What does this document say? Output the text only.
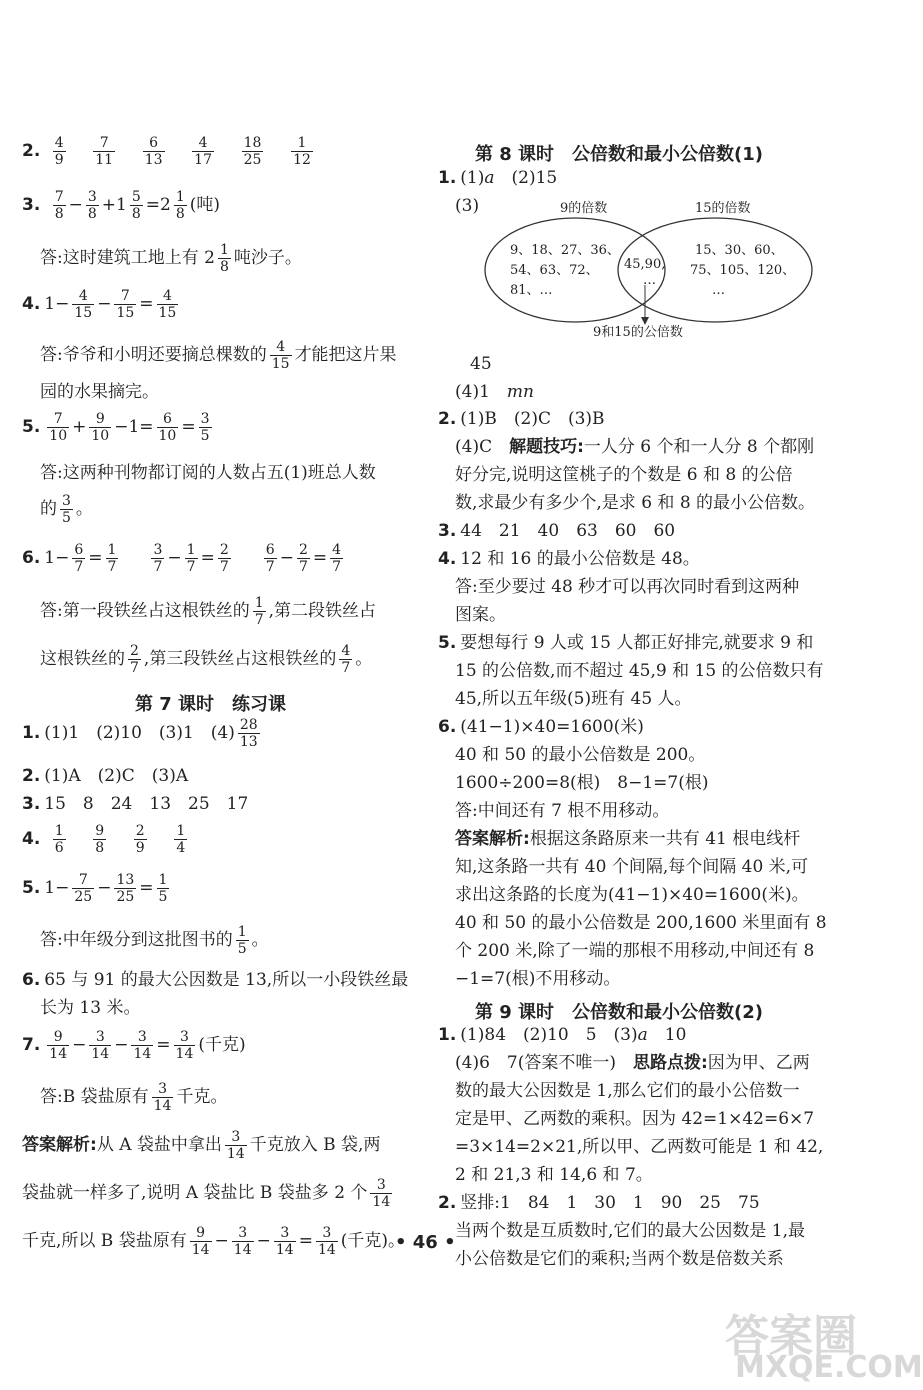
2. $\frac{4}{9}$
$\frac{7}{11}$
$\frac{6}{13}$
$\frac{4}{17}$
$\frac{18}{25}$
$\frac{1}{12}$
3. $\frac{7}{8} - \frac{3}{8} +1 \frac{5}{8} =2 \frac{1}{8}$ (吨)
答:这时建筑工地上有 $2 \frac{1}{8}$ 吨沙子。
4. $1- \frac{4}{15} - \frac{7}{15} = \frac{4}{15}$
答:爷爷和小明还要摘总棵数的 $\frac{4}{15}$ 才能把这片果
园的水果摘完。
5. $\frac{7}{10} + \frac{9}{10} -1= \frac{6}{10} = \frac{3}{5}$
答:这两种刊物都订阅的人数占五(1)班总人数
的 $\frac{3}{5}$ 。
6. $1- \frac{6}{7} = \frac{1}{7}$
$\frac{3}{7} - \frac{1}{7} = \frac{2}{7}$
$\frac{6}{7} - \frac{2}{7} = \frac{4}{7}$
答:第一段铁丝占这根铁丝的 $\frac{1}{7}$ ,第二段铁丝占
这根铁丝的 $\frac{2}{7}$ ,第三段铁丝占这根铁丝的 $\frac{4}{7}$ 。
第 7 课时　练习课
1. (1)1　(2)10　(3)1　$(4) \frac{28}{13}$
2. (1)A　(2)C　(3)A
3. 15　8　24　13　25　17
4. $\frac{1}{6}$
$\frac{9}{8}$
$\frac{2}{9}$
$\frac{1}{4}$
5. $1- \frac{7}{25} - \frac{13}{25} = \frac{1}{5}$
答:中年级分到这批图书的 $\frac{1}{5}$ 。
6. 65 与 91 的最大公因数是 13,所以一小段铁丝最
长为 13 米。
7. $\frac{9}{14} - \frac{3}{14} - \frac{3}{14} = \frac{3}{14}$ (千克)
答:B 袋盐原有 $\frac{3}{14}$ 千克。
答案解析:从 A 袋盐中拿出 $\frac{3}{14}$ 千克放入 B 袋,两
袋盐就一样多了,说明 A 袋盐比 B 袋盐多 2 个 $\frac{3}{14}$
千克,所以 B 袋盐原有 $\frac{9}{14} - \frac{3}{14} - \frac{3}{14} = \frac{3}{14}$ (千克)。
第 8 课时　公倍数和最小公倍数(1)
1. (1)a　(2)15
(3)	9的倍数	15的倍数
9、18、27、36、
54、63、72、
81、…
45,90,
…
15、30、60、
75、105、120、
…
9和15的公倍数
45
(4)1　mn
2. (1)B　(2)C　(3)B
(4)C　解题技巧:一人分 6 个和一人分 8 个都刚
好分完,说明这筐桃子的个数是 6 和 8 的公倍
数,求最少有多少个,是求 6 和 8 的最小公倍数。
3. 44　21　40　63　60　60
4. 12 和 16 的最小公倍数是 48。
答:至少要过 48 秒才可以再次同时看到这两种
图案。
5. 要想每行 9 人或 15 人都正好排完,就要求 9 和
15 的公倍数,而不超过 45,9 和 15 的公倍数只有
45,所以五年级(5)班有 45 人。
6. (41−1)×40=1600(米)
40 和 50 的最小公倍数是 200。
1600÷200=8(根)　8−1=7(根)
答:中间还有 7 根不用移动。
答案解析:根据这条路原来一共有 41 根电线杆
知,这条路一共有 40 个间隔,每个间隔 40 米,可
求出这条路的长度为(41−1)×40=1600(米)。
40 和 50 的最小公倍数是 200,1600 米里面有 8
个 200 米,除了一端的那根不用移动,中间还有 8
−1=7(根)不用移动。
第 9 课时　公倍数和最小公倍数(2)
1. (1)84　(2)10　5　(3)a　10
(4)6　7(答案不唯一)　思路点拨:因为甲、乙两
数的最大公因数是 1,那么它们的最小公倍数一
定是甲、乙两数的乘积。因为 42=1×42=6×7
=3×14=2×21,所以甲、乙两数可能是 1 和 42,
2 和 21,3 和 14,6 和 7。
2. 竖排:1　84　1　30　1　90　25　75
当两个数是互质数时,它们的最大公因数是 1,最
小公倍数是它们的乘积;当两个数是倍数关系
• 46 •
答案圈
MXQE.COM
